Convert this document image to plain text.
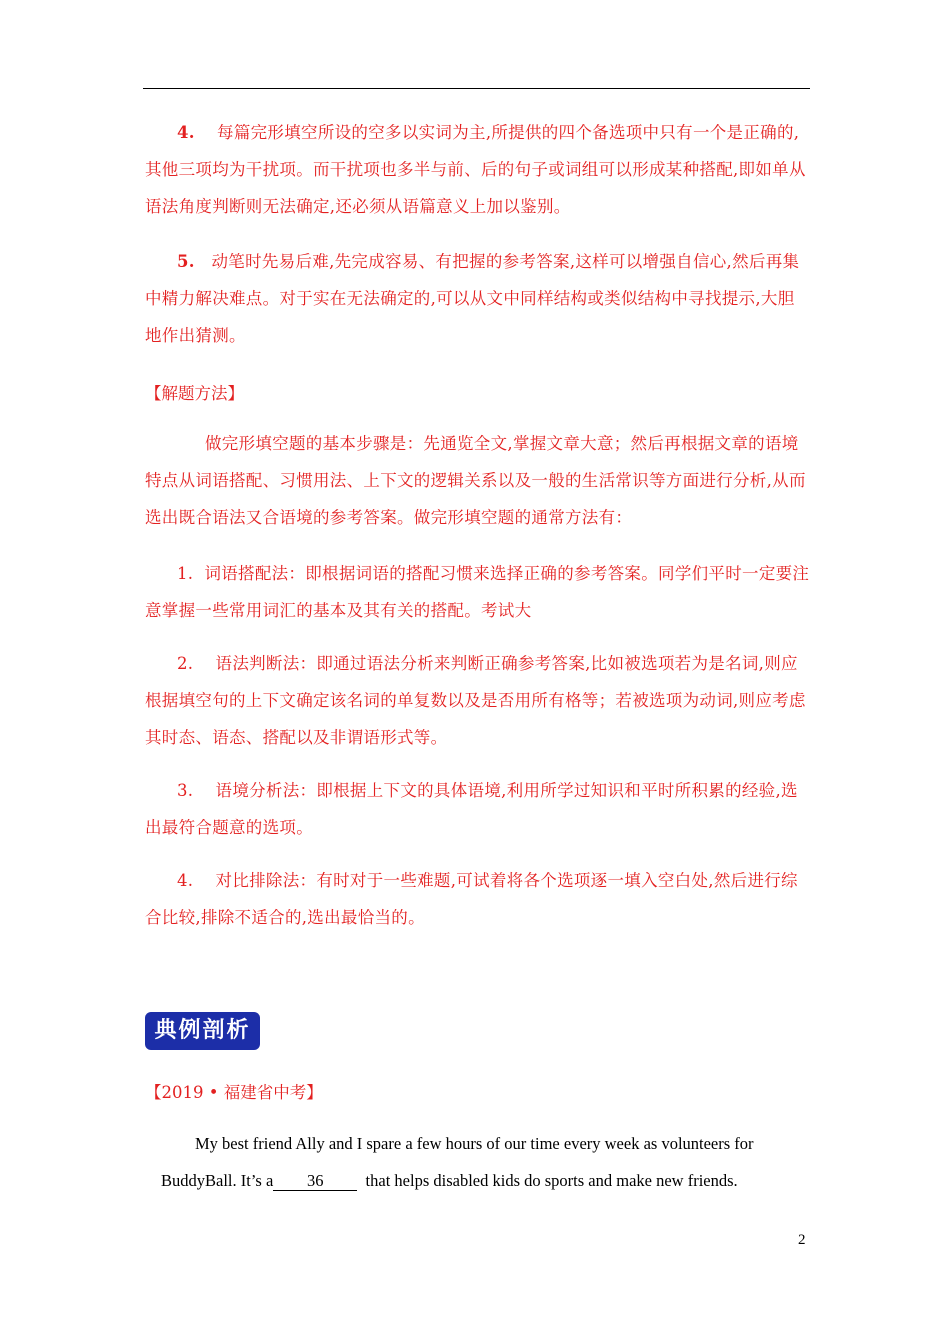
4. 每篇完形填空所设的空多以实词为主,所提供的四个备选项中只有一个是正确的,其他三项均为干扰项。而干扰项也多半与前、后的句子或词组可以形成某种搭配,即如单从语法角度判断则无法确定,还必须从语篇意义上加以鉴别。
5. 动笔时先易后难,先完成容易、有把握的参考答案,这样可以增强自信心,然后再集中精力解决难点。对于实在无法确定的,可以从文中同样结构或类似结构中寻找提示,大胆地作出猜测。
【解题方法】
做完形填空题的基本步骤是：先通览全文,掌握文章大意；然后再根据文章的语境特点从词语搭配、习惯用法、上下文的逻辑关系以及一般的生活常识等方面进行分析,从而选出既合语法又合语境的参考答案。做完形填空题的通常方法有：
1. 词语搭配法：即根据词语的搭配习惯来选择正确的参考答案。同学们平时一定要注意掌握一些常用词汇的基本及其有关的搭配。考试大
2. 语法判断法：即通过语法分析来判断正确参考答案,比如被选项若为是名词,则应根据填空句的上下文确定该名词的单复数以及是否用所有格等；若被选项为动词,则应考虑其时态、语态、搭配以及非谓语形式等。
3. 语境分析法：即根据上下文的具体语境,利用所学过知识和平时所积累的经验,选出最符合题意的选项。
4. 对比排除法：有时对于一些难题,可试着将各个选项逐一填入空白处,然后进行综合比较,排除不适合的,选出最恰当的。
典例剖析
【2019 • 福建省中考】
My best friend Ally and I spare a few hours of our time every week as volunteers for
BuddyBall. It’s a 36	that helps disabled kids do sports and make new friends.
2
